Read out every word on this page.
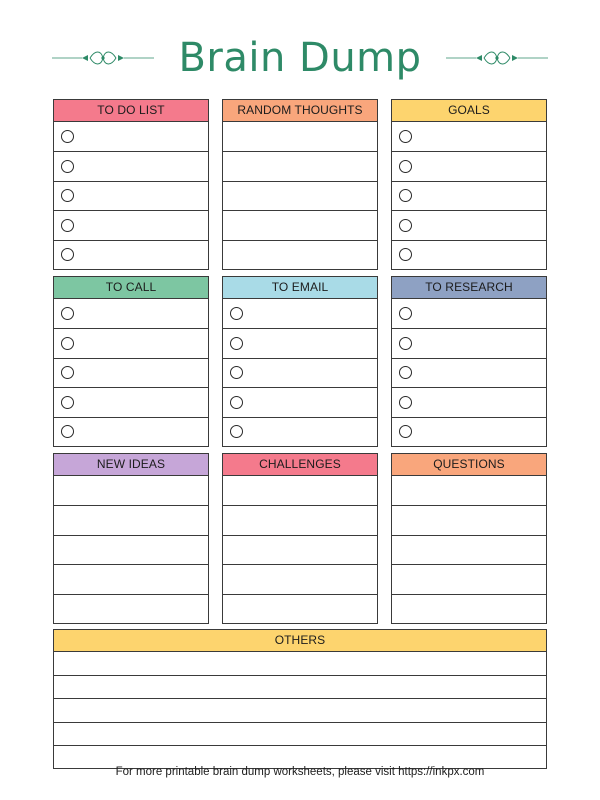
Brain Dump
TO DO LIST	RANDOM THOUGHTS	GOALS
TO CALL	TO EMAIL	TO RESEARCH
NEW IDEAS	CHALLENGES	QUESTIONS
OTHERS
For more printable brain dump worksheets, please visit https://inkpx.com
